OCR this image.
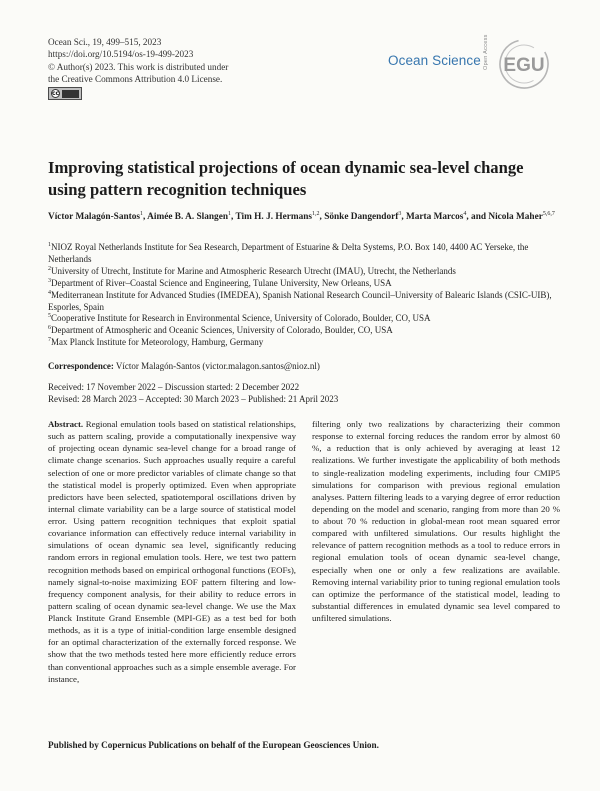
Ocean Sci., 19, 499–515, 2023
https://doi.org/10.5194/os-19-499-2023
© Author(s) 2023. This work is distributed under
the Creative Commons Attribution 4.0 License.
cc
Ocean Science Open Access EGU
Improving statistical projections of ocean dynamic sea-level change using pattern recognition techniques
Víctor Malagón-Santos$^1$, Aimée B. A. Slangen$^1$, Tim H. J. Hermans$^{1,2}$, Sönke Dangendorf$^3$, Marta Marcos$^4$, and Nicola Maher$^{5,6,7}$
$^1$NIOZ Royal Netherlands Institute for Sea Research, Department of Estuarine & Delta Systems, P.O. Box 140, 4400 AC Yerseke, the Netherlands
$^2$University of Utrecht, Institute for Marine and Atmospheric Research Utrecht (IMAU), Utrecht, the Netherlands
$^3$Department of River–Coastal Science and Engineering, Tulane University, New Orleans, USA
$^4$Mediterranean Institute for Advanced Studies (IMEDEA), Spanish National Research Council–University of Balearic Islands (CSIC-UIB), Esporles, Spain
$^5$Cooperative Institute for Research in Environmental Science, University of Colorado, Boulder, CO, USA
$^6$Department of Atmospheric and Oceanic Sciences, University of Colorado, Boulder, CO, USA
$^7$Max Planck Institute for Meteorology, Hamburg, Germany
Correspondence: Víctor Malagón-Santos (victor.malagon.santos@nioz.nl)
Received: 17 November 2022 – Discussion started: 2 December 2022
Revised: 28 March 2023 – Accepted: 30 March 2023 – Published: 21 April 2023
Abstract. Regional emulation tools based on statistical relationships, such as pattern scaling, provide a computationally inexpensive way of projecting ocean dynamic sea-level change for a broad range of climate change scenarios. Such approaches usually require a careful selection of one or more predictor variables of climate change so that the statistical model is properly optimized. Even when appropriate predictors have been selected, spatiotemporal oscillations driven by internal climate variability can be a large source of statistical model error. Using pattern recognition techniques that exploit spatial covariance information can effectively reduce internal variability in simulations of ocean dynamic sea level, significantly reducing random errors in regional emulation tools. Here, we test two pattern recognition methods based on empirical orthogonal functions (EOFs), namely signal-to-noise maximizing EOF pattern filtering and low-frequency component analysis, for their ability to reduce errors in pattern scaling of ocean dynamic sea-level change. We use the Max Planck Institute Grand Ensemble (MPI-GE) as a test bed for both methods, as it is a type of initial-condition large ensemble designed for an optimal characterization of the externally forced response. We show that the two methods tested here more efficiently reduce errors than conventional approaches such as a simple ensemble average. For instance,
filtering only two realizations by characterizing their common response to external forcing reduces the random error by almost 60 %, a reduction that is only achieved by averaging at least 12 realizations. We further investigate the applicability of both methods to single-realization modeling experiments, including four CMIP5 simulations for comparison with previous regional emulation analyses. Pattern filtering leads to a varying degree of error reduction depending on the model and scenario, ranging from more than 20 % to about 70 % reduction in global-mean root mean squared error compared with unfiltered simulations. Our results highlight the relevance of pattern recognition methods as a tool to reduce errors in regional emulation tools of ocean dynamic sea-level change, especially when one or only a few realizations are available. Removing internal variability prior to tuning regional emulation tools can optimize the performance of the statistical model, leading to substantial differences in emulated dynamic sea level compared to unfiltered simulations.
Published by Copernicus Publications on behalf of the European Geosciences Union.
